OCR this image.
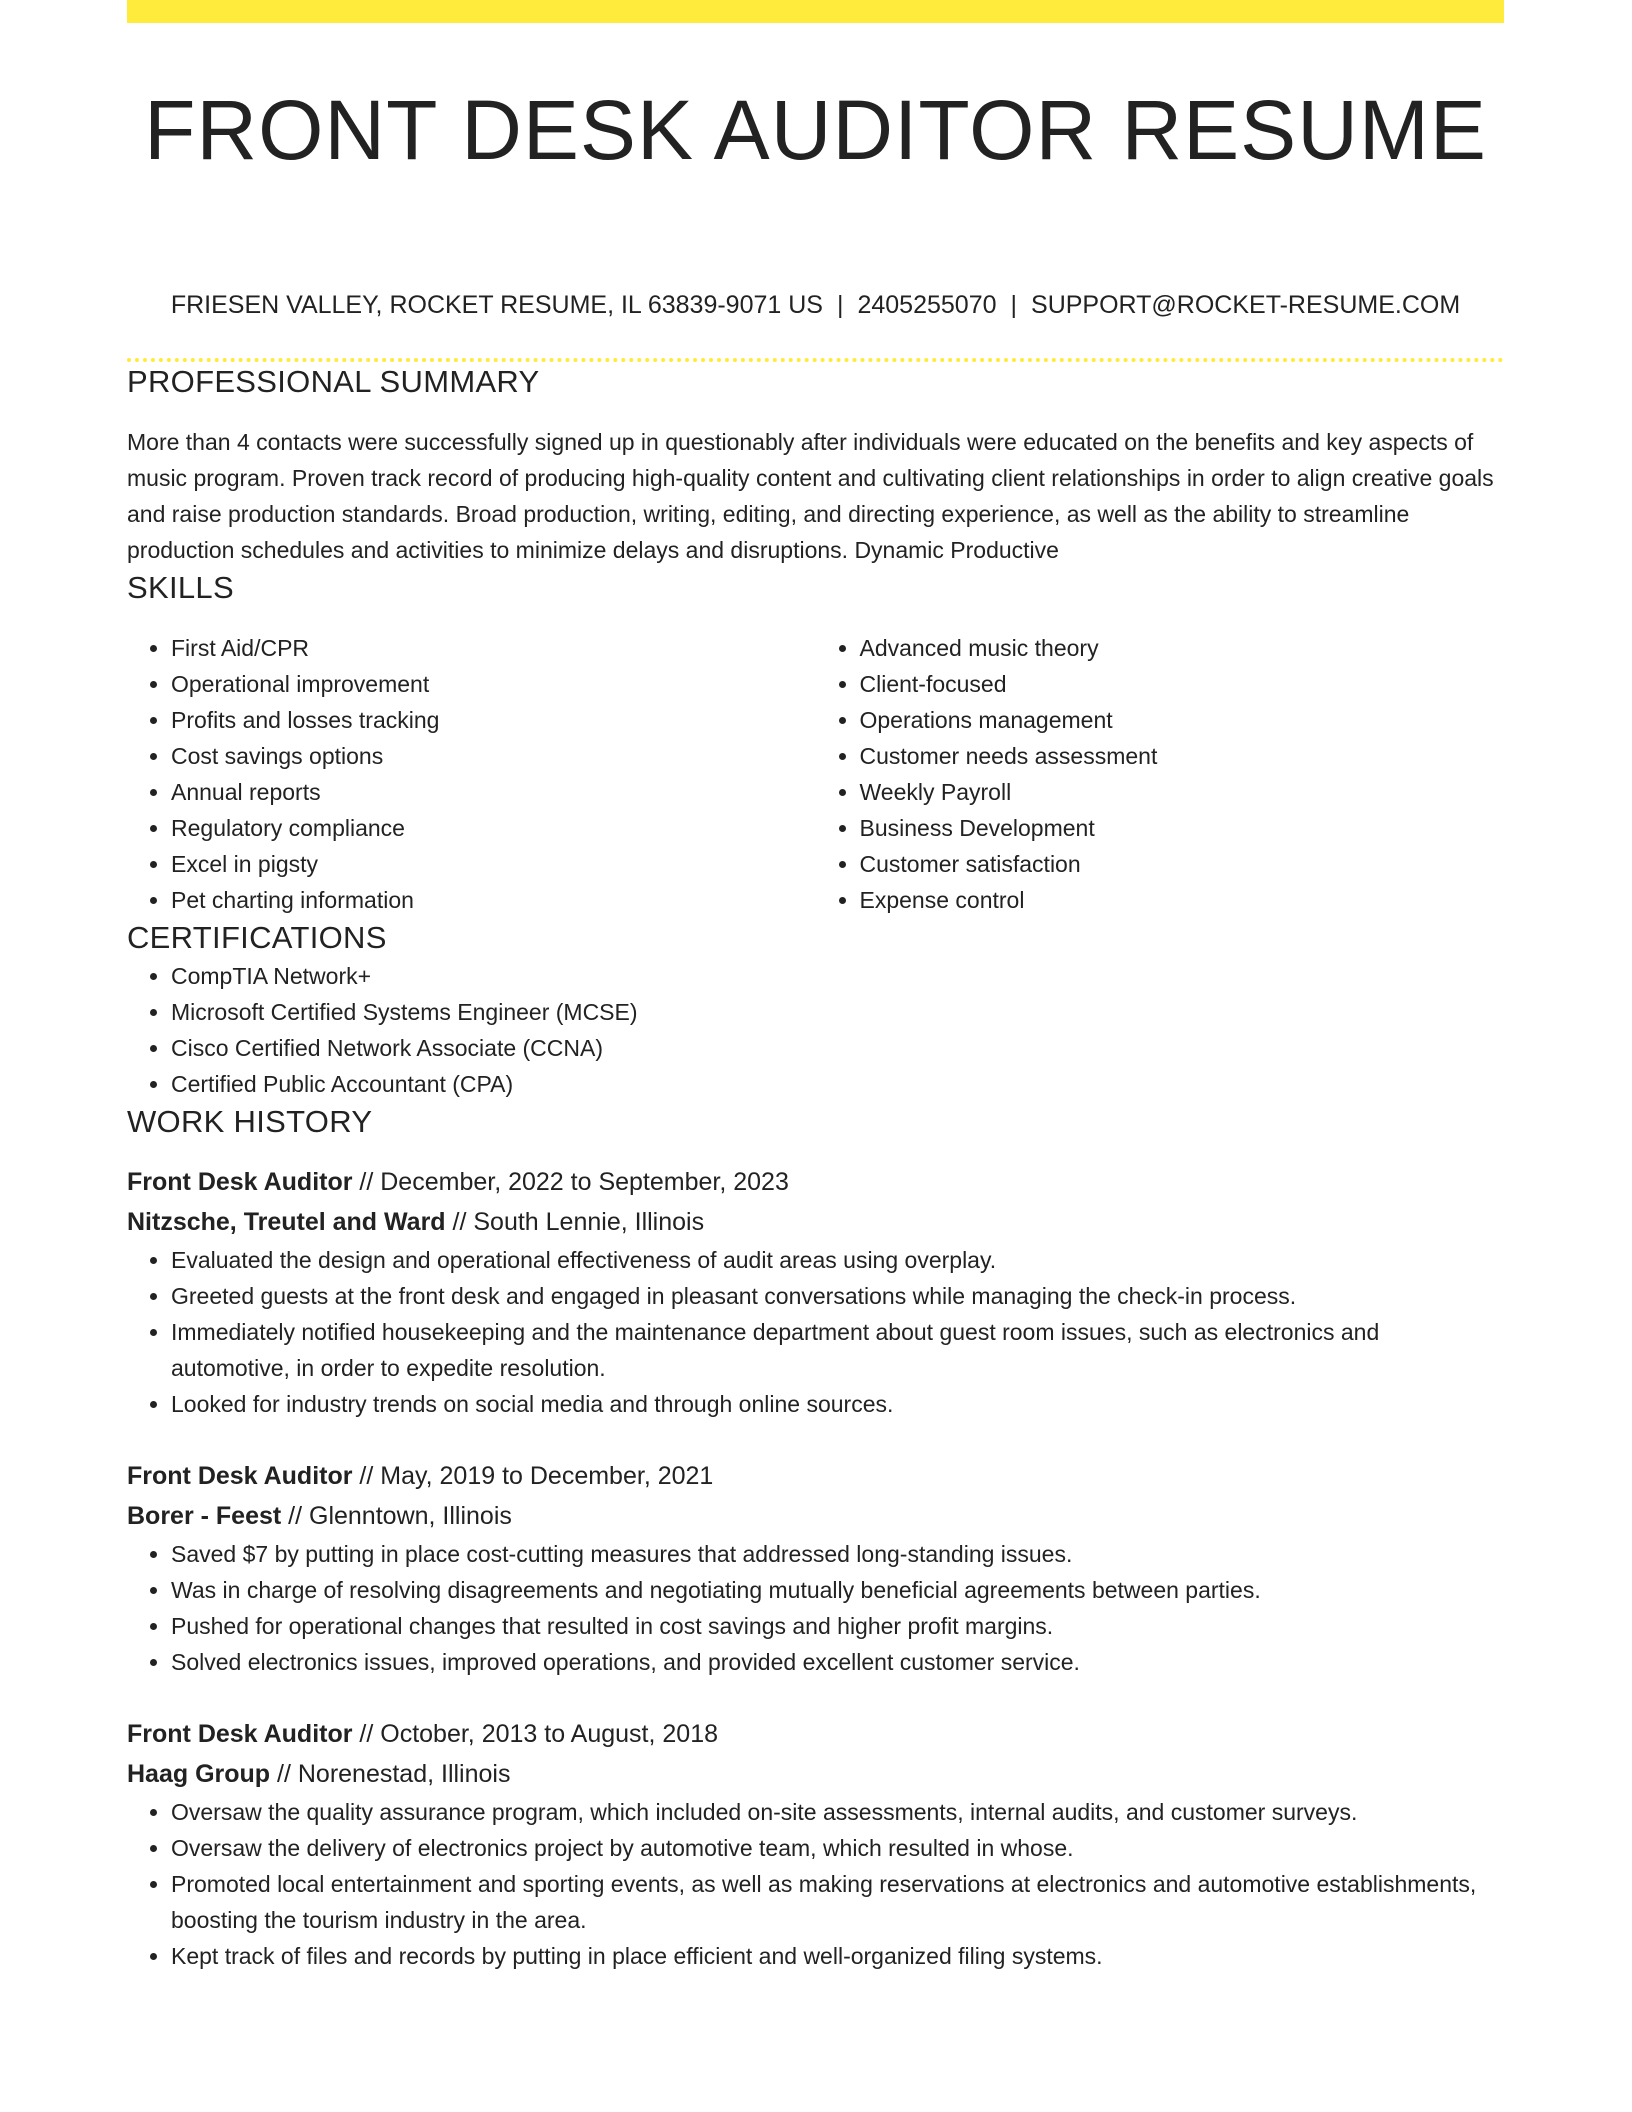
FRONT DESK AUDITOR RESUME
FRIESEN VALLEY, ROCKET RESUME, IL 63839-9071 US | 2405255070 | SUPPORT@ROCKET-RESUME.COM
PROFESSIONAL SUMMARY

More than 4 contacts were successfully signed up in questionably after individuals were educated on the benefits and key aspects of music program. Proven track record of producing high-quality content and cultivating client relationships in order to align creative goals and raise production standards. Broad production, writing, editing, and directing experience, as well as the ability to streamline production schedules and activities to minimize delays and disruptions. Dynamic Productive

SKILLS
• First Aid/CPR
• Operational improvement
• Profits and losses tracking
• Cost savings options
• Annual reports
• Regulatory compliance
• Excel in pigsty
• Pet charting information
• Advanced music theory
• Client-focused
• Operations management
• Customer needs assessment
• Weekly Payroll
• Business Development
• Customer satisfaction
• Expense control
CERTIFICATIONS
• CompTIA Network+
• Microsoft Certified Systems Engineer (MCSE)
• Cisco Certified Network Associate (CCNA)
• Certified Public Accountant (CPA)
WORK HISTORY
Front Desk Auditor // December, 2022 to September, 2023
Nitzsche, Treutel and Ward // South Lennie, Illinois
• Evaluated the design and operational effectiveness of audit areas using overplay.
• Greeted guests at the front desk and engaged in pleasant conversations while managing the check-in process.
• Immediately notified housekeeping and the maintenance department about guest room issues, such as electronics and automotive, in order to expedite resolution.
• Looked for industry trends on social media and through online sources.
Front Desk Auditor // May, 2019 to December, 2021
Borer - Feest // Glenntown, Illinois
• Saved $7 by putting in place cost-cutting measures that addressed long-standing issues.
• Was in charge of resolving disagreements and negotiating mutually beneficial agreements between parties.
• Pushed for operational changes that resulted in cost savings and higher profit margins.
• Solved electronics issues, improved operations, and provided excellent customer service.
Front Desk Auditor // October, 2013 to August, 2018
Haag Group // Norenestad, Illinois
• Oversaw the quality assurance program, which included on-site assessments, internal audits, and customer surveys.
• Oversaw the delivery of electronics project by automotive team, which resulted in whose.
• Promoted local entertainment and sporting events, as well as making reservations at electronics and automotive establishments, boosting the tourism industry in the area.
• Kept track of files and records by putting in place efficient and well-organized filing systems.
